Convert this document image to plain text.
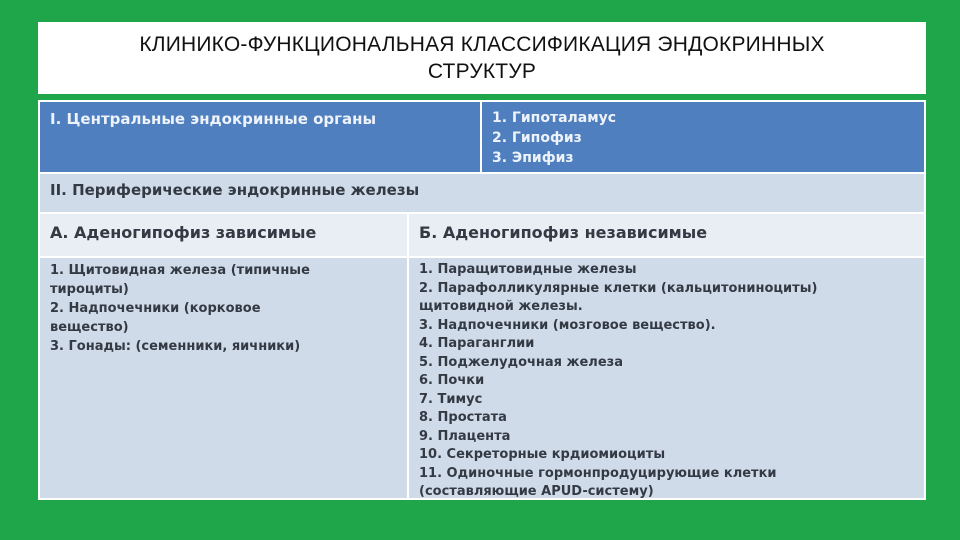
КЛИНИКО-ФУНКЦИОНАЛЬНАЯ КЛАССИФИКАЦИЯ ЭНДОКРИННЫХ
СТРУКТУР
I. Центральные эндокринные органы	1. Гипоталамус
2. Гипофиз
3. Эпифиз
II. Периферические эндокринные железы
А. Аденогипофиз зависимые	Б. Аденогипофиз независимые
1. Щитовидная железа (типичные
тироциты)
2. Надпочечники (корковое
вещество)
3. Гонады: (семенники, яичники)
1. Паращитовидные железы
2. Парафолликулярные клетки (кальцитониноциты)
щитовидной железы.
3. Надпочечники (мозговое вещество).
4. Параганглии
5. Поджелудочная железа
6. Почки
7. Тимус
8. Простата
9. Плацента
10. Секреторные крдиомиоциты
11. Одиночные гормонпродуцирующие клетки
(составляющие APUD-систему)
